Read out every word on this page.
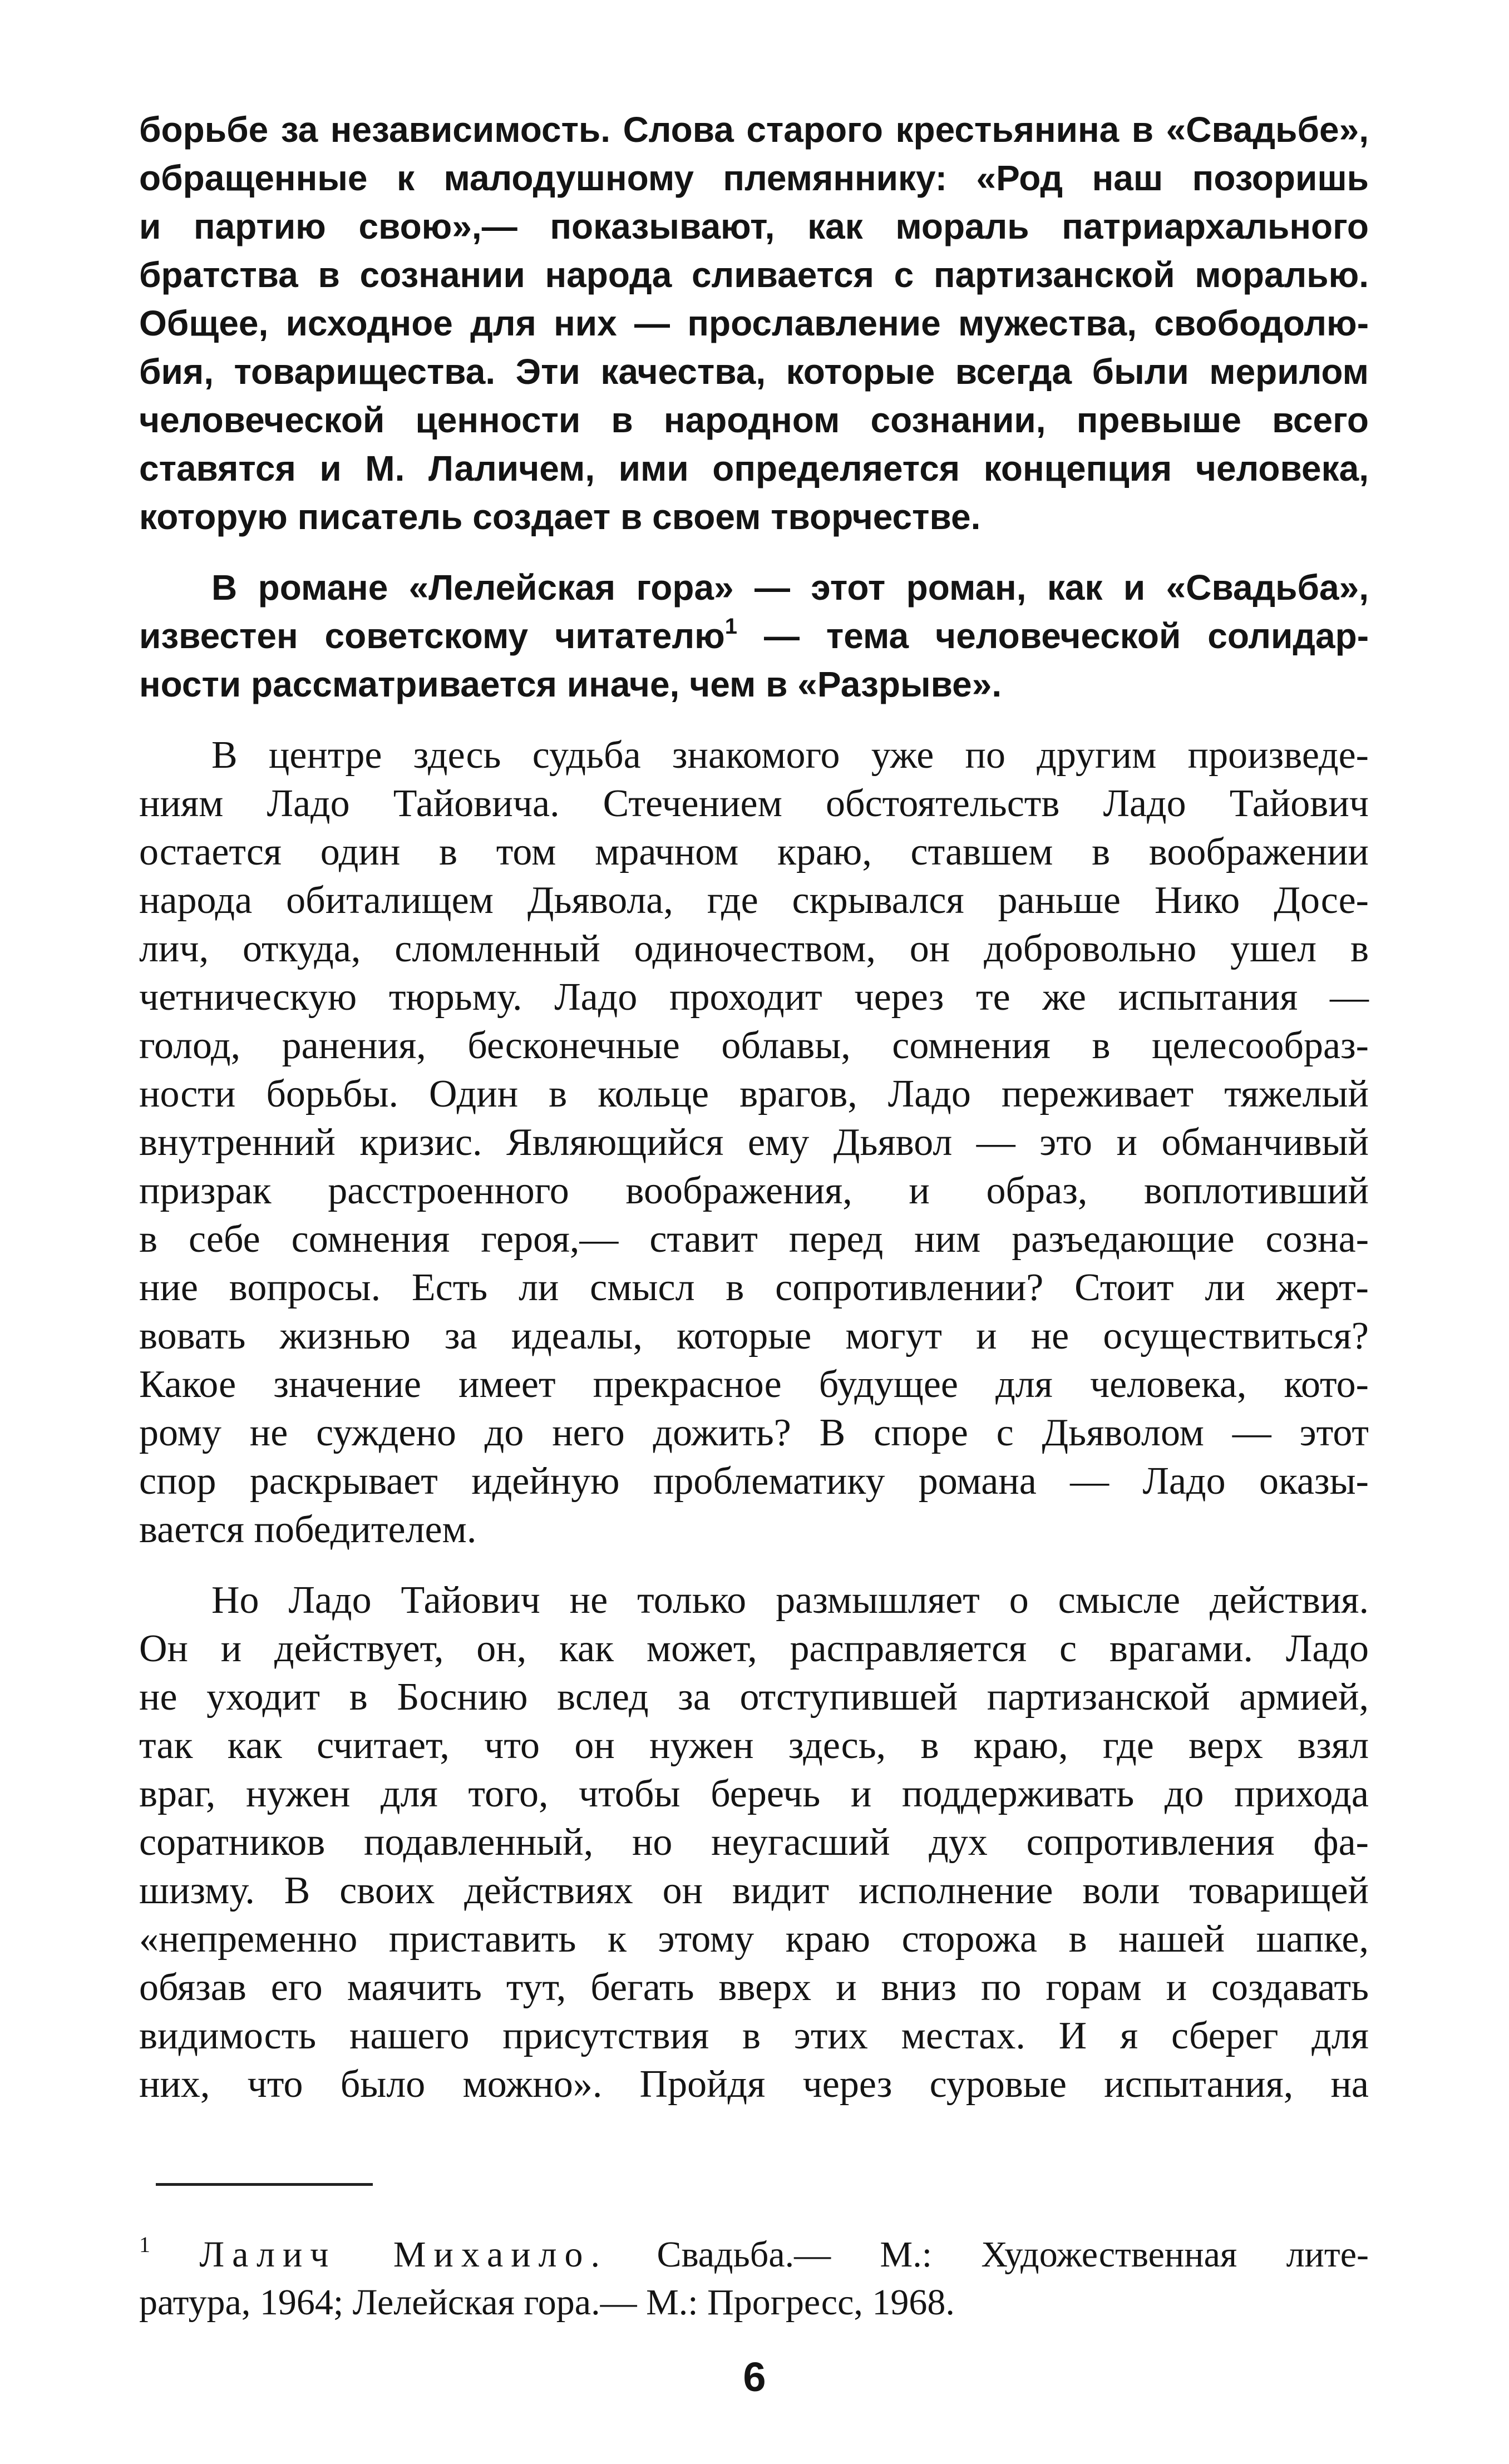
борьбе за независимость. Слова старого крестьянина в «Свадьбе»,
обращенные к малодушному племяннику: «Род наш позоришь
и партию свою»,— показывают, как мораль патриархального
братства в сознании народа сливается с партизанской моралью.
Общее, исходное для них — прославление мужества, свободолю-
бия, товарищества. Эти качества, которые всегда были мерилом
человеческой ценности в народном сознании, превыше всего
ставятся и М. Лаличем, ими определяется концепция человека,
которую писатель создает в своем творчестве.

В романе «Лелейская гора» — этот роман, как и «Свадьба»,
известен советскому читателю$^1$ — тема человеческой солидар-
ности рассматривается иначе, чем в «Разрыве».

В центре здесь судьба знакомого уже по другим произведе-
ниям Ладо Тайовича. Стечением обстоятельств Ладо Тайович
остается один в том мрачном краю, ставшем в воображении
народа обиталищем Дьявола, где скрывался раньше Нико Досе-
лич, откуда, сломленный одиночеством, он добровольно ушел в
четническую тюрьму. Ладо проходит через те же испытания —
голод, ранения, бесконечные облавы, сомнения в целесообраз-
ности борьбы. Один в кольце врагов, Ладо переживает тяжелый
внутренний кризис. Являющийся ему Дьявол — это и обманчивый
призрак расстроенного воображения, и образ, воплотивший
в себе сомнения героя,— ставит перед ним разъедающие созна-
ние вопросы. Есть ли смысл в сопротивлении? Стоит ли жерт-
вовать жизнью за идеалы, которые могут и не осуществиться?
Какое значение имеет прекрасное будущее для человека, кото-
рому не суждено до него дожить? В споре с Дьяволом — этот
спор раскрывает идейную проблематику романа — Ладо оказы-
вается победителем.

Но Ладо Тайович не только размышляет о смысле действия.
Он и действует, он, как может, расправляется с врагами. Ладо
не уходит в Боснию вслед за отступившей партизанской армией,
так как считает, что он нужен здесь, в краю, где верх взял
враг, нужен для того, чтобы беречь и поддерживать до прихода
соратников подавленный, но неугасший дух сопротивления фа-
шизму. В своих действиях он видит исполнение воли товарищей
«непременно приставить к этому краю сторожа в нашей шапке,
обязав его маячить тут, бегать вверх и вниз по горам и создавать
видимость нашего присутствия в этих местах. И я сберег для
них, что было можно». Пройдя через суровые испытания, на

$^1$ Лалич Михаило. Свадьба.— М.: Художественная лите-
ратура, 1964; Лелейская гора.— М.: Прогресс, 1968.
6
